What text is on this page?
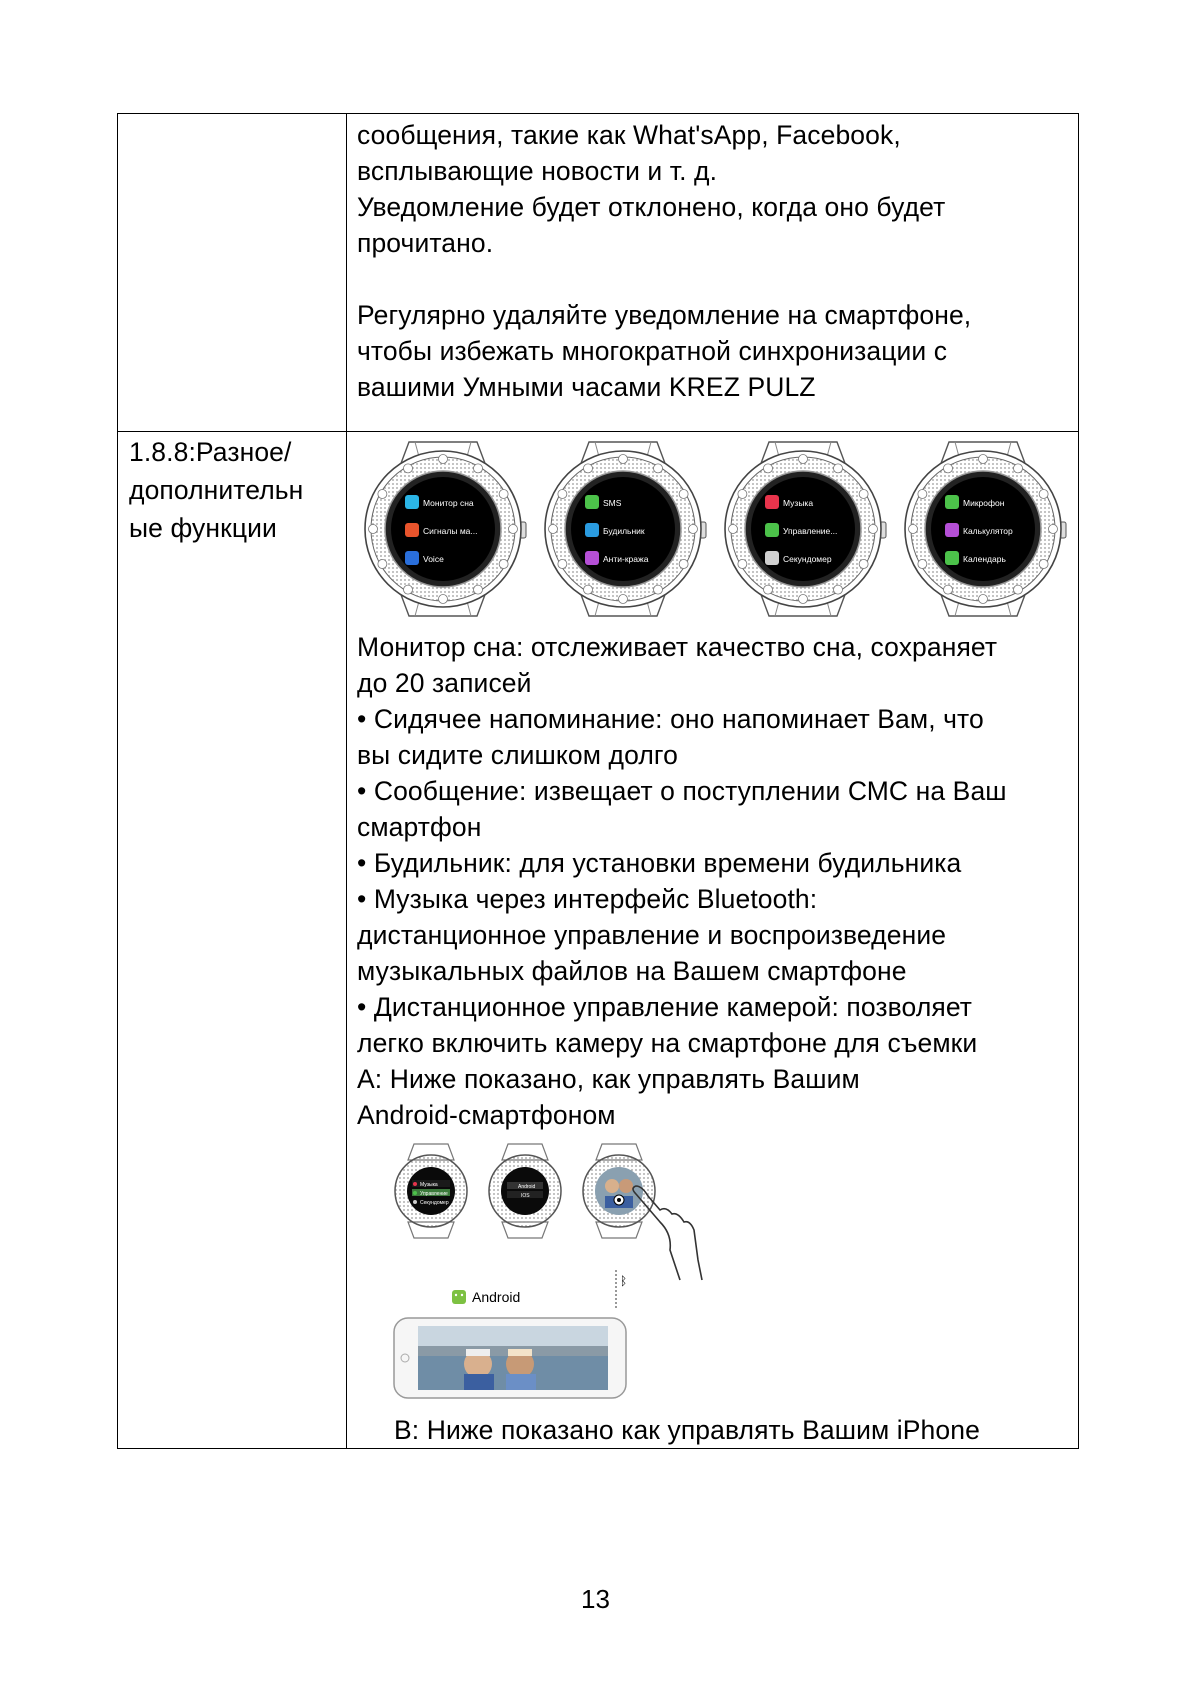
сообщения, такие как What'sApp, Facebook,
всплывающие новости и т. д.
Уведомление будет отклонено, когда оно будет
прочитано.
Регулярно удаляйте уведомление на смартфоне,
чтобы избежать многократной синхронизации с
вашими Умными часами KREZ PULZ
1.8.8:Разное/
дополнительн
ые функции
Монитор сна
Сигналы ма...
Voice
SMS
Будильник
Анти-кража
Музыка
Управление...
Секундомер
Микрофон
Калькулятор
Календарь
Монитор сна: отслеживает качество сна, сохраняет
до 20 записей
• Сидячее напоминание: оно напоминает Вам, что
вы сидите слишком долго
• Сообщение: извещает о поступлении СМС на Ваш
смартфон
• Будильник: для установки времени будильника
• Музыка через интерфейс Bluetooth:
дистанционное управление и воспроизведение
музыкальных файлов на Вашем смартфоне
• Дистанционное управление камерой: позволяет
легко включить камеру на смартфоне для съемки
A: Ниже показано, как управлять Вашим
Android-смартфоном
Музыка
Управление
Секундомер
Android
IOS
Android
ᛒ
B: Ниже показано как управлять Вашим iPhone
13
